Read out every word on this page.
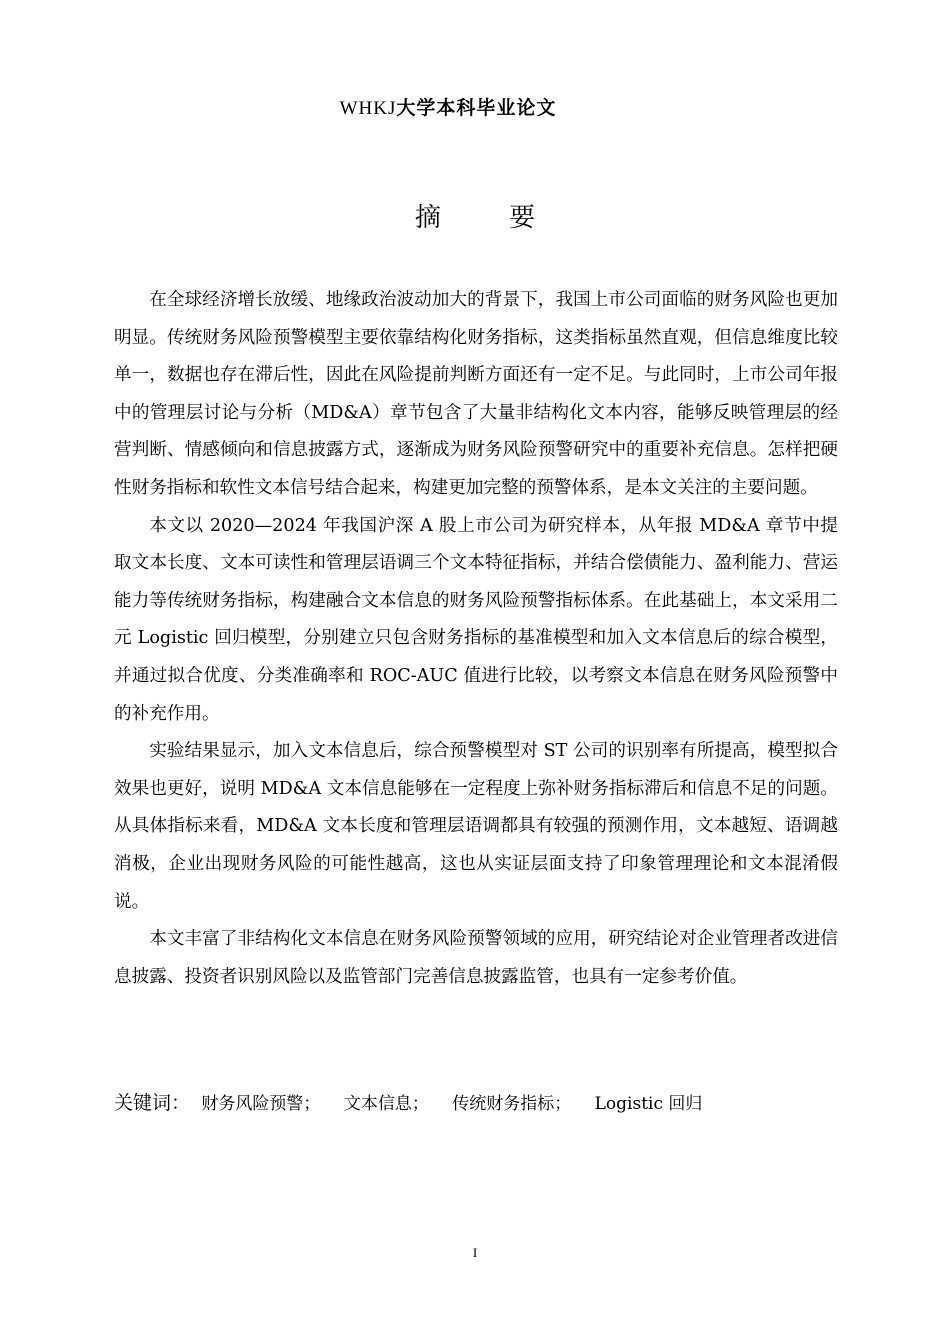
WHKJ大学本科毕业论文
摘 要

在全球经济增长放缓、地缘政治波动加大的背景下，我国上市公司面临的财务风险也更加明显。传统财务风险预警模型主要依靠结构化财务指标，这类指标虽然直观，但信息维度比较单一，数据也存在滞后性，因此在风险提前判断方面还有一定不足。与此同时，上市公司年报中的管理层讨论与分析（MD&A）章节包含了大量非结构化文本内容，能够反映管理层的经营判断、情感倾向和信息披露方式，逐渐成为财务风险预警研究中的重要补充信息。怎样把硬性财务指标和软性文本信号结合起来，构建更加完整的预警体系，是本文关注的主要问题。

本文以 2020—2024 年我国沪深 A 股上市公司为研究样本，从年报 MD&A 章节中提取文本长度、文本可读性和管理层语调三个文本特征指标，并结合偿债能力、盈利能力、营运能力等传统财务指标，构建融合文本信息的财务风险预警指标体系。在此基础上，本文采用二元 Logistic 回归模型，分别建立只包含财务指标的基准模型和加入文本信息后的综合模型，并通过拟合优度、分类准确率和 ROC-AUC 值进行比较，以考察文本信息在财务风险预警中的补充作用。

实验结果显示，加入文本信息后，综合预警模型对 ST 公司的识别率有所提高，模型拟合效果也更好，说明 MD&A 文本信息能够在一定程度上弥补财务指标滞后和信息不足的问题。从具体指标来看，MD&A 文本长度和管理层语调都具有较强的预测作用，文本越短、语调越消极，企业出现财务风险的可能性越高，这也从实证层面支持了印象管理理论和文本混淆假说。

本文丰富了非结构化文本信息在财务风险预警领域的应用，研究结论对企业管理者改进信息披露、投资者识别风险以及监管部门完善信息披露监管，也具有一定参考价值。

关键词： 财务风险预警； 文本信息； 传统财务指标； Logistic 回归
I
